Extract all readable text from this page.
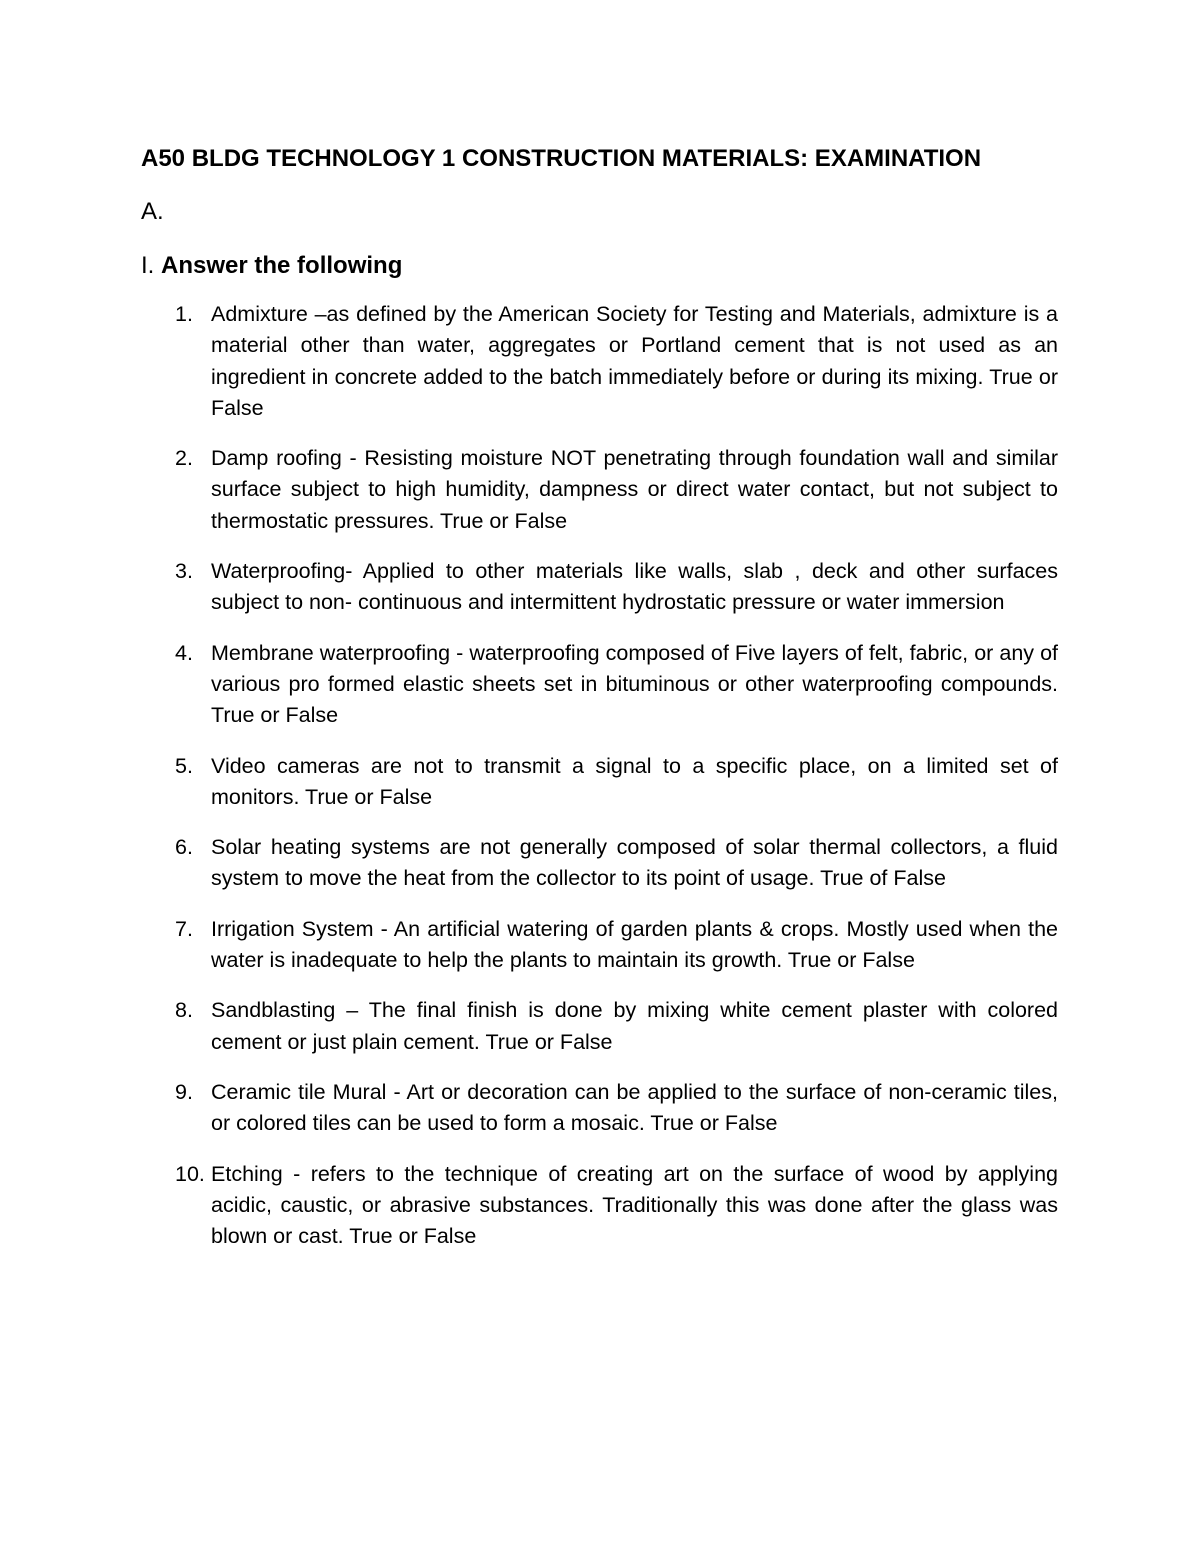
A50 BLDG TECHNOLOGY 1 CONSTRUCTION MATERIALS: EXAMINATION
A.
I. Answer the following
1. Admixture –as defined by the American Society for Testing and Materials, admixture is a material other than water, aggregates or Portland cement that is not used as an ingredient in concrete added to the batch immediately before or during its mixing. True or False
2. Damp roofing - Resisting moisture NOT penetrating through foundation wall and similar surface subject to high humidity, dampness or direct water contact, but not subject to thermostatic pressures. True or False
3. Waterproofing- Applied to other materials like walls, slab , deck and other surfaces subject to non- continuous and intermittent hydrostatic pressure or water immersion
4. Membrane waterproofing - waterproofing composed of Five layers of felt, fabric, or any of various pro formed elastic sheets set in bituminous or other waterproofing compounds. True or False
5. Video cameras are not to transmit a signal to a specific place, on a limited set of monitors. True or False
6. Solar heating systems are not generally composed of solar thermal collectors, a fluid system to move the heat from the collector to its point of usage. True of False
7. Irrigation System - An artificial watering of garden plants & crops. Mostly used when the water is inadequate to help the plants to maintain its growth. True or False
8. Sandblasting – The final finish is done by mixing white cement plaster with colored cement or just plain cement. True or False
9. Ceramic tile Mural - Art or decoration can be applied to the surface of non-ceramic tiles, or colored tiles can be used to form a mosaic. True or False
10. Etching - refers to the technique of creating art on the surface of wood by applying acidic, caustic, or abrasive substances. Traditionally this was done after the glass was blown or cast. True or False
